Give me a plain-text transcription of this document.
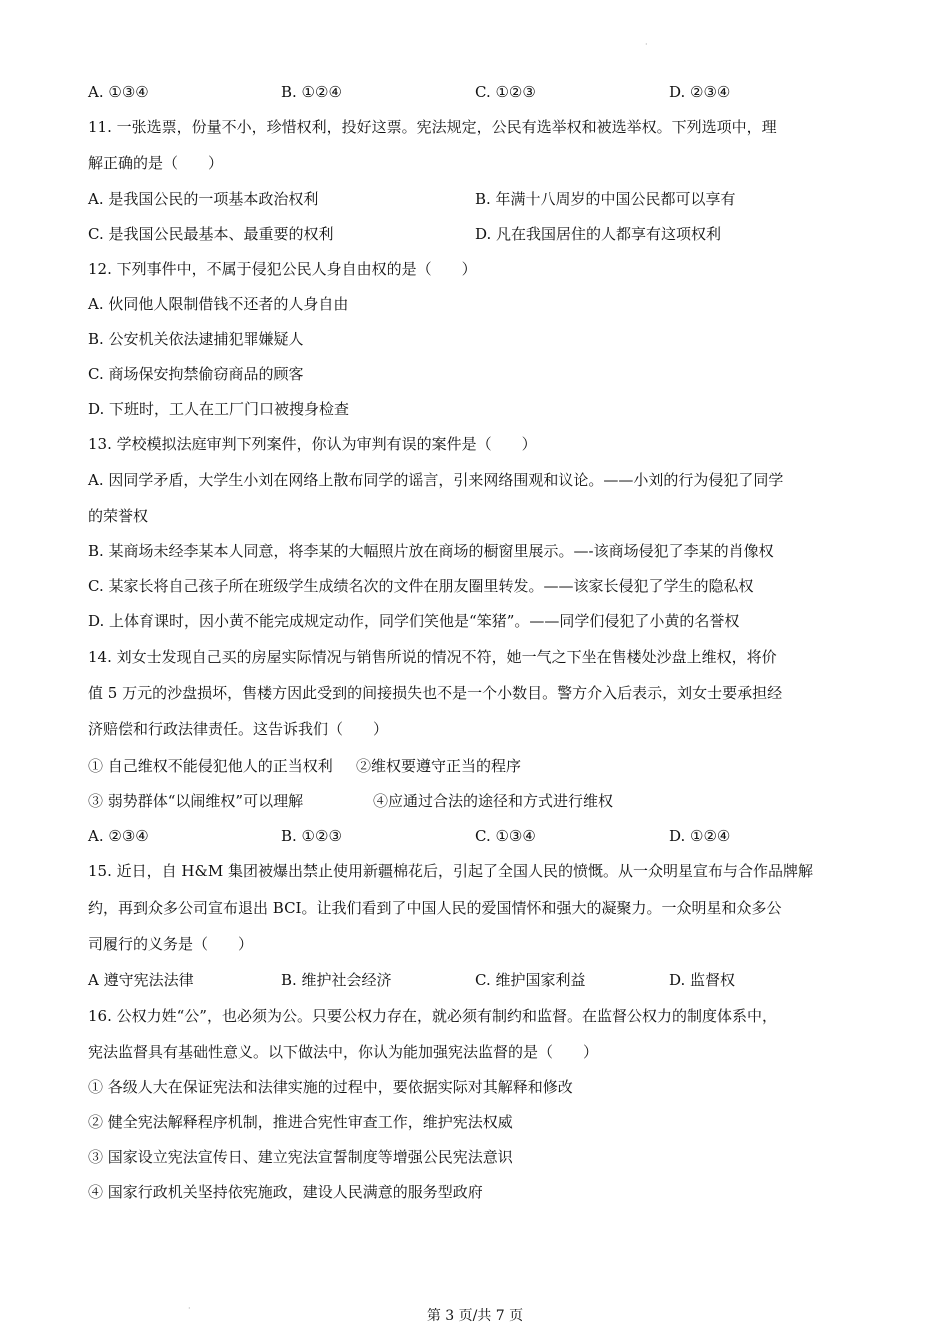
·
A. ①③④	B. ①②④	C. ①②③	D. ②③④
11. 一张选票，份量不小，珍惜权利，投好这票。宪法规定，公民有选举权和被选举权。下列选项中，理
解正确的是（　　）
A. 是我国公民的一项基本政治权利	B. 年满十八周岁的中国公民都可以享有
C. 是我国公民最基本、最重要的权利	D. 凡在我国居住的人都享有这项权利
12. 下列事件中，不属于侵犯公民人身自由权的是（　　）
A. 伙同他人限制借钱不还者的人身自由
B. 公安机关依法逮捕犯罪嫌疑人
C. 商场保安拘禁偷窃商品的顾客
D. 下班时，工人在工厂门口被搜身检查
13. 学校模拟法庭审判下列案件，你认为审判有误的案件是（　　）
A. 因同学矛盾，大学生小刘在网络上散布同学的谣言，引来网络围观和议论。——小刘的行为侵犯了同学
的荣誉权
B. 某商场未经李某本人同意，将李某的大幅照片放在商场的橱窗里展示。—-该商场侵犯了李某的肖像权
C. 某家长将自己孩子所在班级学生成绩名次的文件在朋友圈里转发。——该家长侵犯了学生的隐私权
D. 上体育课时，因小黄不能完成规定动作，同学们笑他是“笨猪”。——同学们侵犯了小黄的名誉权
14. 刘女士发现自己买的房屋实际情况与销售所说的情况不符，她一气之下坐在售楼处沙盘上维权，将价
值 5 万元的沙盘损坏，售楼方因此受到的间接损失也不是一个小数目。警方介入后表示，刘女士要承担经
济赔偿和行政法律责任。这告诉我们（　　）
① 自己维权不能侵犯他人的正当权利 ②维权要遵守正当的程序
③ 弱势群体“以闹维权”可以理解	④应通过合法的途径和方式进行维权
A. ②③④	B. ①②③	C. ①③④	D. ①②④
15. 近日，自 H&M 集团被爆出禁止使用新疆棉花后，引起了全国人民的愤慨。从一众明星宣布与合作品牌解
约，再到众多公司宣布退出 BCI。让我们看到了中国人民的爱国情怀和强大的凝聚力。一众明星和众多公
司履行的义务是（　　）
A 遵守宪法法律	B. 维护社会经济	C. 维护国家利益	D. 监督权
16. 公权力姓“公”，也必须为公。只要公权力存在，就必须有制约和监督。在监督公权力的制度体系中，
宪法监督具有基础性意义。以下做法中，你认为能加强宪法监督的是（　　）
① 各级人大在保证宪法和法律实施的过程中，要依据实际对其解释和修改
② 健全宪法解释程序机制，推进合宪性审查工作，维护宪法权威
③ 国家设立宪法宣传日、建立宪法宣誓制度等增强公民宪法意识
④ 国家行政机关坚持依宪施政，建设人民满意的服务型政府
·	第 3 页/共 7 页
